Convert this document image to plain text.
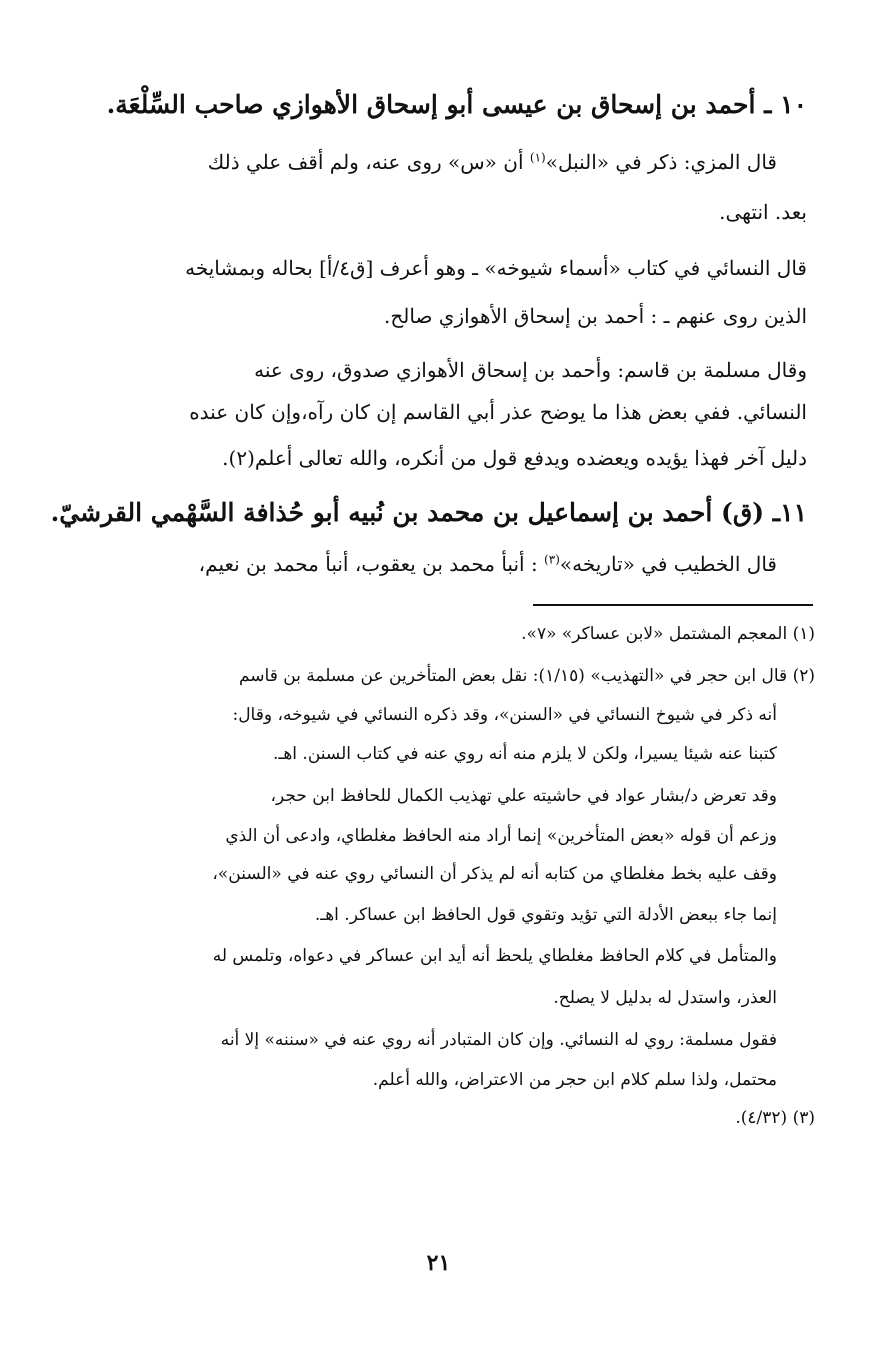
١٠ ـ أحمد بن إسحاق بن عيسى أبو إسحاق الأهوازي صاحب السِّلْعَة.
قال المزي: ذكر في «النبل»$^{(١)}$ أن «س» روى عنه، ولم أقف علي ذلك
بعد. انتهى.
قال النسائي في كتاب «أسماء شيوخه» ـ وهو أعرف [ق٤/أ] بحاله وبمشايخه
الذين روى عنهم ـ : أحمد بن إسحاق الأهوازي صالح.
وقال مسلمة بن قاسم: وأحمد بن إسحاق الأهوازي صدوق، روى عنه
النسائي. ففي بعض هذا ما يوضح عذر أبي القاسم إن كان رآه،وإن كان عنده
دليل آخر فهذا يؤيده ويعضده ويدفع قول من أنكره، والله تعالى أعلم(٢).
١١ـ (ق) أحمد بن إسماعيل بن محمد بن نُبيه أبو حُذافة السَّهْمي القرشيّ.
قال الخطيب في «تاريخه»$^{(٣)}$ : أنبأ محمد بن يعقوب، أنبأ محمد بن نعيم،
(١) المعجم المشتمل «لابن عساكر» «٧».
(٢) قال ابن حجر في «التهذيب» (١/١٥): نقل بعض المتأخرين عن مسلمة بن قاسم
أنه ذكر في شيوخ النسائي في «السنن»، وقد ذكره النسائي في شيوخه، وقال:
كتبنا عنه شيئا يسيرا، ولكن لا يلزم منه أنه روي عنه في كتاب السنن. اهـ.
وقد تعرض د/بشار عواد في حاشيته علي تهذيب الكمال للحافظ ابن حجر،
وزعم أن قوله «بعض المتأخرين» إنما أراد منه الحافظ مغلطاي، وادعى أن الذي
وقف عليه بخط مغلطاي من كتابه أنه لم يذكر أن النسائي روي عنه في «السنن»،
إنما جاء ببعض الأدلة التي تؤيد وتقوي قول الحافظ ابن عساكر. اهـ.
والمتأمل في كلام الحافظ مغلطاي يلحظ أنه أيد ابن عساكر في دعواه، وتلمس له
العذر، واستدل له بدليل لا يصلح.
فقول مسلمة: روي له النسائي. وإن كان المتبادر أنه روي عنه في «سننه» إلا أنه
محتمل، ولذا سلم كلام ابن حجر من الاعتراض، والله أعلم.
(٣) (٤/٣٢).
٢١
